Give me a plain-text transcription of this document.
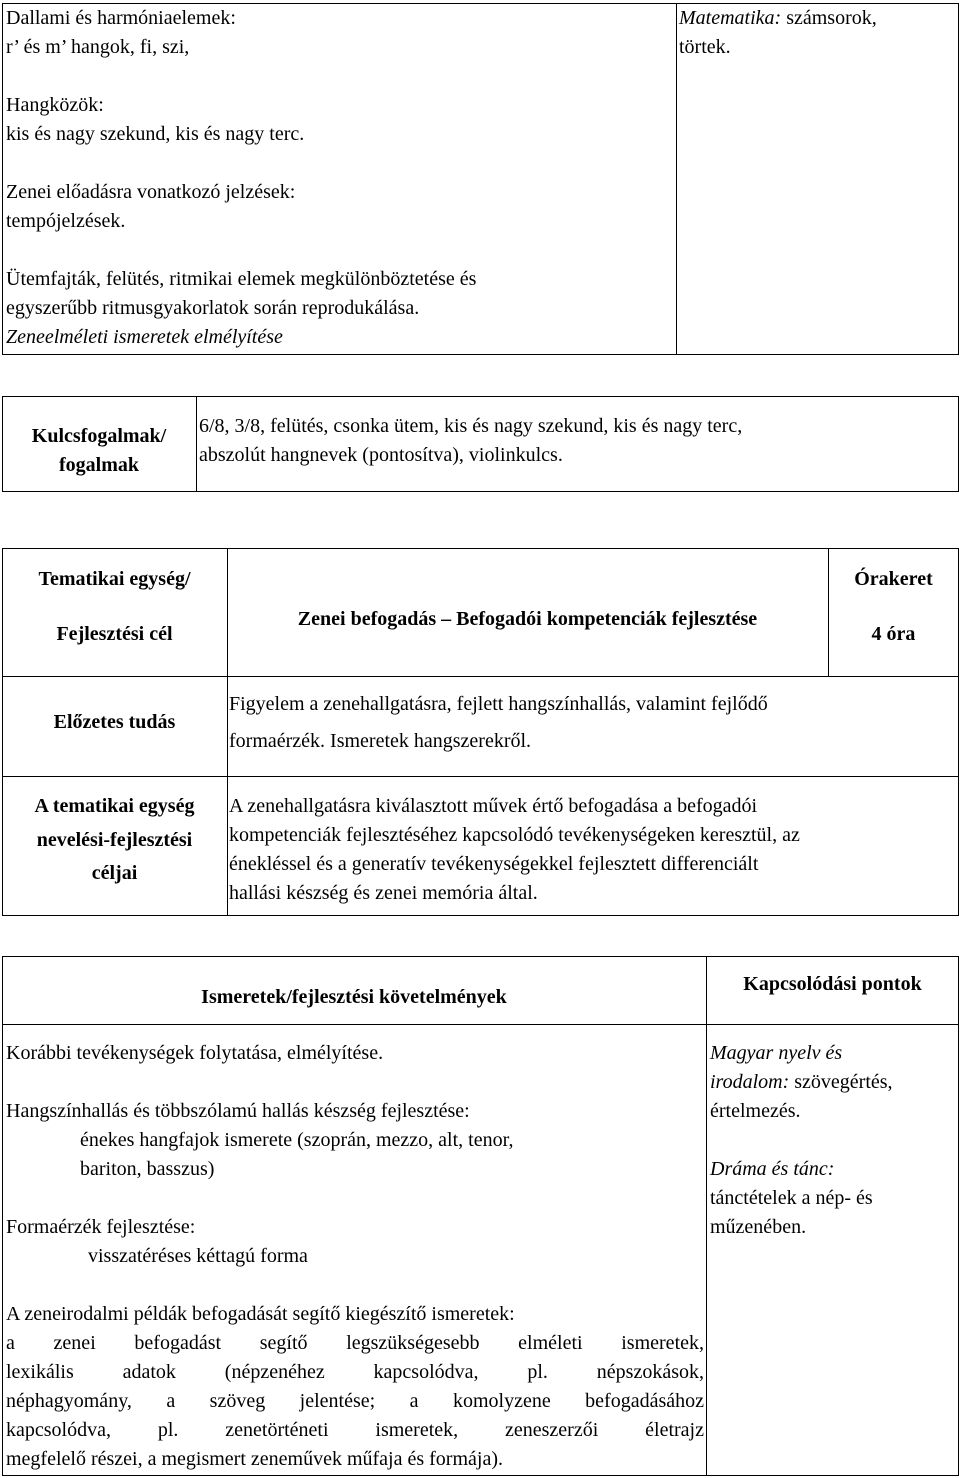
Dallami és harmóniaelemek:
r’ és m’ hangok, fi, szi,
Hangközök:
kis és nagy szekund, kis és nagy terc.
Zenei előadásra vonatkozó jelzések:
tempójelzések.
Ütemfajták, felütés, ritmikai elemek megkülönböztetése és
egyszerűbb ritmusgyakorlatok során reprodukálása.
Zeneelméleti ismeretek elmélyítése
Matematika: számsorok,
törtek.
Kulcsfogalmak/
fogalmak
6/8, 3/8, felütés, csonka ütem, kis és nagy szekund, kis és nagy terc,
abszolút hangnevek (pontosítva), violinkulcs.
Tematikai egység/
Fejlesztési cél
Zenei befogadás – Befogadói kompetenciák fejlesztése
Órakeret
4 óra
Előzetes tudás
Figyelem a zenehallgatásra, fejlett hangszínhallás, valamint fejlődő
formaérzék. Ismeretek hangszerekről.
A tematikai egység
nevelési-fejlesztési
céljai
A zenehallgatásra kiválasztott művek értő befogadása a befogadói
kompetenciák fejlesztéséhez kapcsolódó tevékenységeken keresztül, az
énekléssel és a generatív tevékenységekkel fejlesztett differenciált
hallási készség és zenei memória által.
Ismeretek/fejlesztési követelmények
Kapcsolódási pontok
Korábbi tevékenységek folytatása, elmélyítése.
Hangszínhallás és többszólamú hallás készség fejlesztése:
énekes hangfajok ismerete (szoprán, mezzo, alt, tenor,
bariton, basszus)
Formaérzék fejlesztése:
visszatéréses kéttagú forma
A zeneirodalmi példák befogadását segítő kiegészítő ismeretek:
a zenei befogadást segítő legszükségesebb elméleti ismeretek,
lexikális adatok (népzenéhez kapcsolódva, pl. népszokások,
néphagyomány, a szöveg jelentése; a komolyzene befogadásához
kapcsolódva, pl. zenetörténeti ismeretek, zeneszerzői életrajz
megfelelő részei, a megismert zeneművek műfaja és formája).
Magyar nyelv és
irodalom: szövegértés,
értelmezés.
Dráma és tánc:
tánctételek a nép- és
műzenében.
